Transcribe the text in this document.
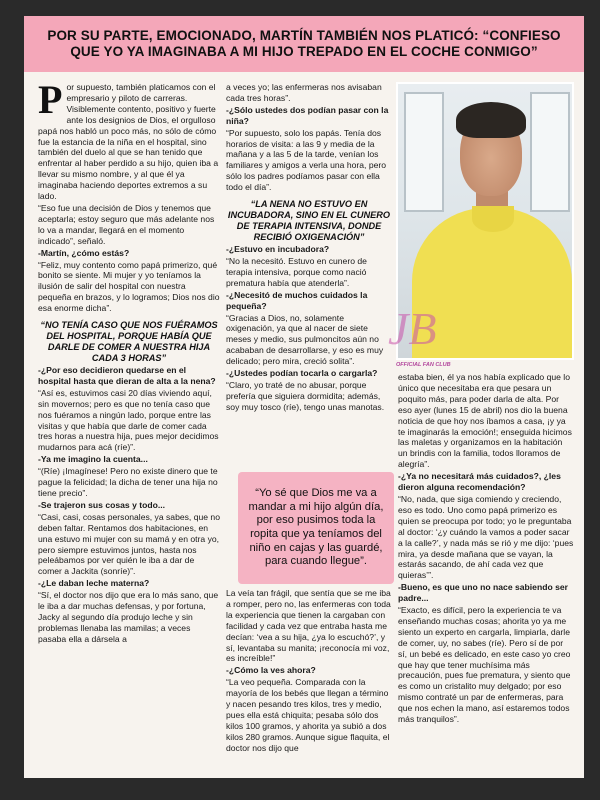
POR SU PARTE, EMOCIONADO, MARTÍN TAMBIÉN NOS PLATICÓ: “CONFIESO QUE YO YA IMAGINABA A MI HIJO TREPADO EN EL COCHE CONMIGO”

Por supuesto, también platicamos con el empresario y piloto de carreras. Visiblemente contento, positivo y fuerte ante los designios de Dios, el orgulloso papá nos habló un poco más, no sólo de cómo fue la estancia de la niña en el hospital, sino también del duelo al que se han tenido que enfrentar al haber perdido a su hijo, quien iba a llevar su mismo nombre, y al que él ya imaginaba haciendo deportes extremos a su lado.

“Eso fue una decisión de Dios y tenemos que aceptarla; estoy seguro que más adelante nos lo va a mandar, llegará en el momento indicado”, señaló.

-Martín, ¿cómo estás?

“Feliz, muy contento como papá primerizo, qué bonito se siente. Mi mujer y yo teníamos la ilusión de salir del hospital con nuestra pequeña en brazos, y lo logramos; Dios nos dio esa enorme dicha”.

“NO TENÍA CASO QUE NOS FUÉRAMOS DEL HOSPITAL, PORQUE HABÍA QUE DARLE DE COMER A NUESTRA HIJA CADA 3 HORAS”

-¿Por eso decidieron quedarse en el hospital hasta que dieran de alta a la nena?

“Así es, estuvimos casi 20 días viviendo aquí, sin movernos; pero es que no tenía caso que nos fuéramos a ningún lado, porque entre las visitas y que había que darle de comer cada tres horas a nuestra hija, pues mejor decidimos mudarnos para acá (ríe)”.

-Ya me imagino la cuenta...

“(Ríe) ¡Imagínese! Pero no existe dinero que te pague la felicidad; la dicha de tener una hija no tiene precio”.

-Se trajeron sus cosas y todo...

“Casi, casi, cosas personales, ya sabes, que no deben faltar. Rentamos dos habitaciones, en una estuvo mi mujer con su mamá y en otra yo, pero siempre estuvimos juntos, hasta nos peleábamos por ver quién le iba a dar de comer a Jackita (sonríe)”.

-¿Le daban leche materna?

“Sí, el doctor nos dijo que era lo más sano, que le iba a dar muchas defensas, y por fortuna, Jacky al segundo día produjo leche y sin problemas llenaba las mamilas; a veces pasaba ella a dársela a

a veces yo; las enfermeras nos avisaban cada tres horas”.

-¿Sólo ustedes dos podían pasar con la niña?

“Por supuesto, solo los papás. Tenía dos horarios de visita: a las 9 y media de la mañana y a las 5 de la tarde, venían los familiares y amigos a verla una hora, pero sólo los padres podíamos pasar con ella todo el día”.

“LA NENA NO ESTUVO EN INCUBADORA, SINO EN EL CUNERO DE TERAPIA INTENSIVA, DONDE RECIBIÓ OXIGENACIÓN”

-¿Estuvo en incubadora?

“No la necesitó. Estuvo en cunero de terapia intensiva, porque como nació prematura había que atenderla”.

-¿Necesitó de muchos cuidados la pequeña?

“Gracias a Dios, no, solamente oxigenación, ya que al nacer de siete meses y medio, sus pulmoncitos aún no acababan de desarrollarse, y eso es muy delicado; pero mira, creció solita”.

-¿Ustedes podían tocarla o cargarla?

“Claro, yo traté de no abusar, porque prefería que siguiera dormidita; además, soy muy tosco (ríe), tengo unas manotas.

La veía tan frágil, que sentía que se me iba a romper, pero no, las enfermeras con toda la experiencia que tienen la cargaban con facilidad y cada vez que entraba hasta me decían: ‘vea a su hija, ¿ya lo escuchó?’, y sí, levantaba su manita; ¡reconocía mi voz, es increíble!”

-¿Cómo la ves ahora?

“La veo pequeña. Comparada con la mayoría de los bebés que llegan a término y nacen pesando tres kilos, tres y medio, pues ella está chiquita; pesaba sólo dos kilos 100 gramos, y ahorita ya subió a dos kilos 280 gramos. Aunque sigue flaquita, el doctor nos dijo que

“Yo sé que Dios me va a mandar a mi hijo algún día, por eso pusimos toda la ropita que ya teníamos del niño en cajas y las guardé, para cuando llegue”.
JB
OFFICIAL FAN CLUB

estaba bien, él ya nos había explicado que lo único que necesitaba era que pesara un poquito más, para poder darla de alta. Por eso ayer (lunes 15 de abril) nos dio la buena noticia de que hoy nos íbamos a casa, ¡y ya te imaginarás la emoción!; enseguida hicimos las maletas y organizamos en la habitación un brindis con la familia, todos lloramos de alegría”.

-¿Ya no necesitará más cuidados?, ¿les dieron alguna recomendación?

“No, nada, que siga comiendo y creciendo, eso es todo. Uno como papá primerizo es quien se preocupa por todo; yo le preguntaba al doctor: ‘¿y cuándo la vamos a poder sacar a la calle?’, y nada más se rió y me dijo: ‘pues mira, ya desde mañana que se vayan, la estarás sacando, de ahí cada vez que quieras’”.

-Bueno, es que uno no nace sabiendo ser padre...

“Exacto, es difícil, pero la experiencia te va enseñando muchas cosas; ahorita yo ya me siento un experto en cargarla, limpiarla, darle de comer, uy, no sabes (ríe). Pero sí de por sí, un bebé es delicado, en este caso yo creo que hay que tener muchísima más precaución, pues fue prematura, y siento que es como un cristalito muy delgado; por eso mismo contraté un par de enfermeras, para que nos echen la mano, así estaremos todos más tranquilos”.
